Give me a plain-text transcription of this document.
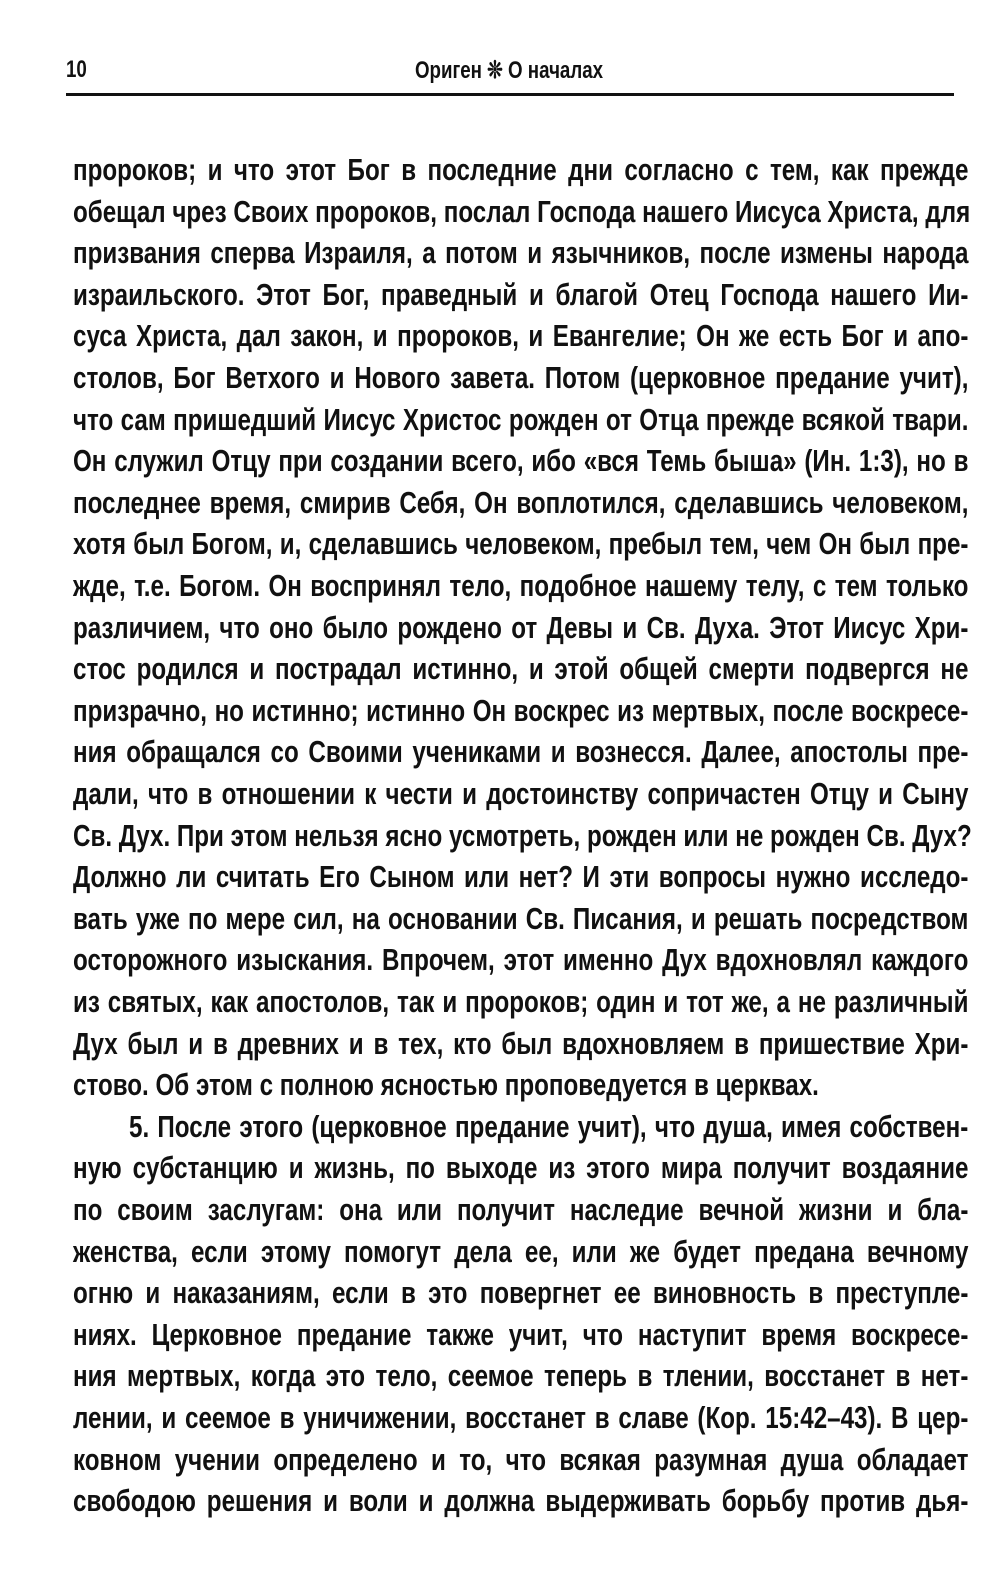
10	Ориген ❊ О началах
пророков; и что этот Бог в последние дни согласно с тем, как прежде
обещал чрез Своих пророков, послал Господа нашего Иисуса Христа, для
призвания сперва Израиля, а потом и язычников, после измены народа
израильского. Этот Бог, праведный и благой Отец Господа нашего Ии-
суса Христа, дал закон, и пророков, и Евангелие; Он же есть Бог и апо-
столов, Бог Ветхого и Нового завета. Потом (церковное предание учит),
что сам пришедший Иисус Христос рожден от Отца прежде всякой твари.
Он служил Отцу при создании всего, ибо «вся Темь быша» (Ин. 1:3), но в
последнее время, смирив Себя, Он воплотился, сделавшись человеком,
хотя был Богом, и, сделавшись человеком, пребыл тем, чем Он был пре-
жде, т.е. Богом. Он воспринял тело, подобное нашему телу, с тем только
различием, что оно было рождено от Девы и Св. Духа. Этот Иисус Хри-
стос родился и пострадал истинно, и этой общей смерти подвергся не
призрачно, но истинно; истинно Он воскрес из мертвых, после воскресе-
ния обращался со Своими учениками и вознесся. Далее, апостолы пре-
дали, что в отношении к чести и достоинству сопричастен Отцу и Сыну
Св. Дух. При этом нельзя ясно усмотреть, рожден или не рожден Св. Дух?
Должно ли считать Его Сыном или нет? И эти вопросы нужно исследо-
вать уже по мере сил, на основании Св. Писания, и решать посредством
осторожного изыскания. Впрочем, этот именно Дух вдохновлял каждого
из святых, как апостолов, так и пророков; один и тот же, а не различный
Дух был и в древних и в тех, кто был вдохновляем в пришествие Хри-
стово. Об этом с полною ясностью проповедуется в церквах.
5. После этого (церковное предание учит), что душа, имея собствен-
ную субстанцию и жизнь, по выходе из этого мира получит воздаяние
по своим заслугам: она или получит наследие вечной жизни и бла-
женства, если этому помогут дела ее, или же будет предана вечному
огню и наказаниям, если в это повергнет ее виновность в преступле-
ниях. Церковное предание также учит, что наступит время воскресе-
ния мертвых, когда это тело, сеемое теперь в тлении, восстанет в нет-
лении, и сеемое в уничижении, восстанет в славе (Кор. 15:42–43). В цер-
ковном учении определено и то, что всякая разумная душа обладает
свободою решения и воли и должна выдерживать борьбу против дья-
